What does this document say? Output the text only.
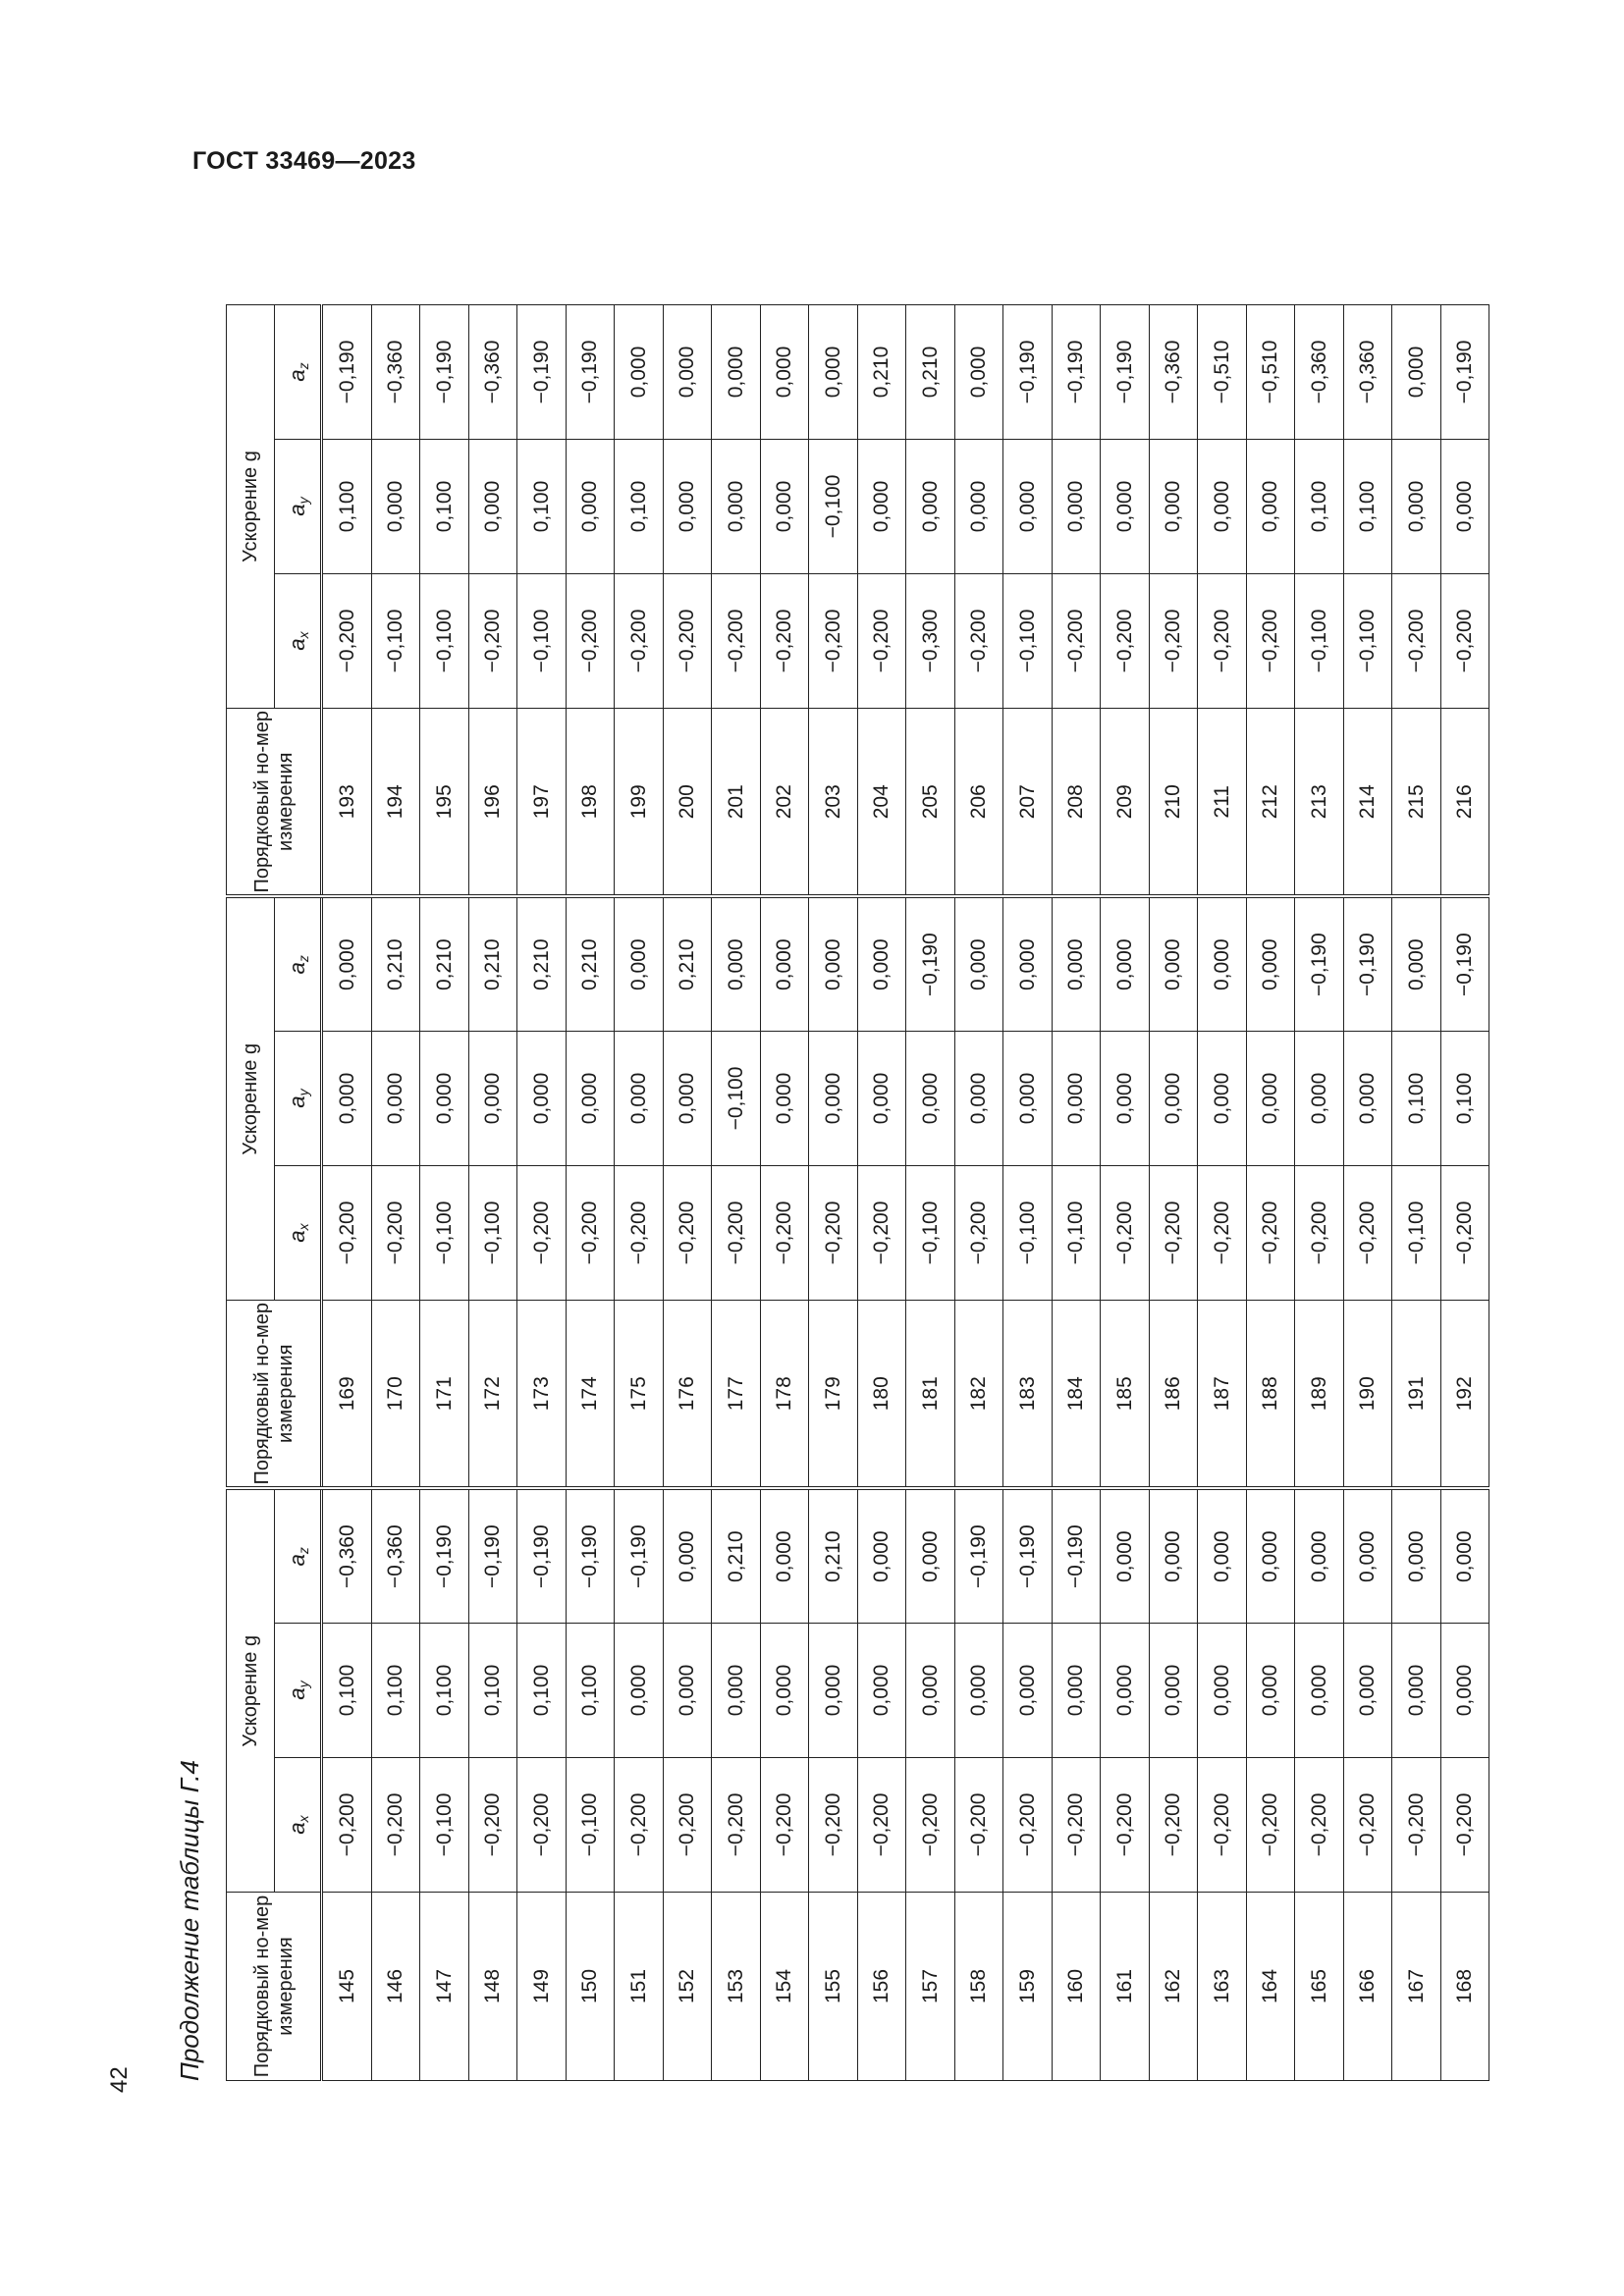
ГОСТ 33469—2023
42 Продолжение таблицы Г.4 Порядковый но-мер измерения	Ускорение g			Порядковый но-мер измерения	Ускорение g			Порядковый но-мер измерения	Ускорение g		
	ax	ay	az		ax	ay	az		ax	ay	az
145	−0,200	0,100	−0,360	169	−0,200	0,000	0,000	193	−0,200	0,100	−0,190
146	−0,200	0,100	−0,360	170	−0,200	0,000	0,210	194	−0,100	0,000	−0,360
147	−0,100	0,100	−0,190	171	−0,100	0,000	0,210	195	−0,100	0,100	−0,190
148	−0,200	0,100	−0,190	172	−0,100	0,000	0,210	196	−0,200	0,000	−0,360
149	−0,200	0,100	−0,190	173	−0,200	0,000	0,210	197	−0,100	0,100	−0,190
150	−0,100	0,100	−0,190	174	−0,200	0,000	0,210	198	−0,200	0,000	−0,190
151	−0,200	0,000	−0,190	175	−0,200	0,000	0,000	199	−0,200	0,100	0,000
152	−0,200	0,000	0,000	176	−0,200	0,000	0,210	200	−0,200	0,000	0,000
153	−0,200	0,000	0,210	177	−0,200	−0,100	0,000	201	−0,200	0,000	0,000
154	−0,200	0,000	0,000	178	−0,200	0,000	0,000	202	−0,200	0,000	0,000
155	−0,200	0,000	0,210	179	−0,200	0,000	0,000	203	−0,200	−0,100	0,000
156	−0,200	0,000	0,000	180	−0,200	0,000	0,000	204	−0,200	0,000	0,210
157	−0,200	0,000	0,000	181	−0,100	0,000	−0,190	205	−0,300	0,000	0,210
158	−0,200	0,000	−0,190	182	−0,200	0,000	0,000	206	−0,200	0,000	0,000
159	−0,200	0,000	−0,190	183	−0,100	0,000	0,000	207	−0,100	0,000	−0,190
160	−0,200	0,000	−0,190	184	−0,100	0,000	0,000	208	−0,200	0,000	−0,190
161	−0,200	0,000	0,000	185	−0,200	0,000	0,000	209	−0,200	0,000	−0,190
162	−0,200	0,000	0,000	186	−0,200	0,000	0,000	210	−0,200	0,000	−0,360
163	−0,200	0,000	0,000	187	−0,200	0,000	0,000	211	−0,200	0,000	−0,510
164	−0,200	0,000	0,000	188	−0,200	0,000	0,000	212	−0,200	0,000	−0,510
165	−0,200	0,000	0,000	189	−0,200	0,000	−0,190	213	−0,100	0,100	−0,360
166	−0,200	0,000	0,000	190	−0,200	0,000	−0,190	214	−0,100	0,100	−0,360
167	−0,200	0,000	0,000	191	−0,100	0,100	0,000	215	−0,200	0,000	0,000
168	−0,200	0,000	0,000	192	−0,200	0,100	−0,190	216	−0,200	0,000	−0,190
